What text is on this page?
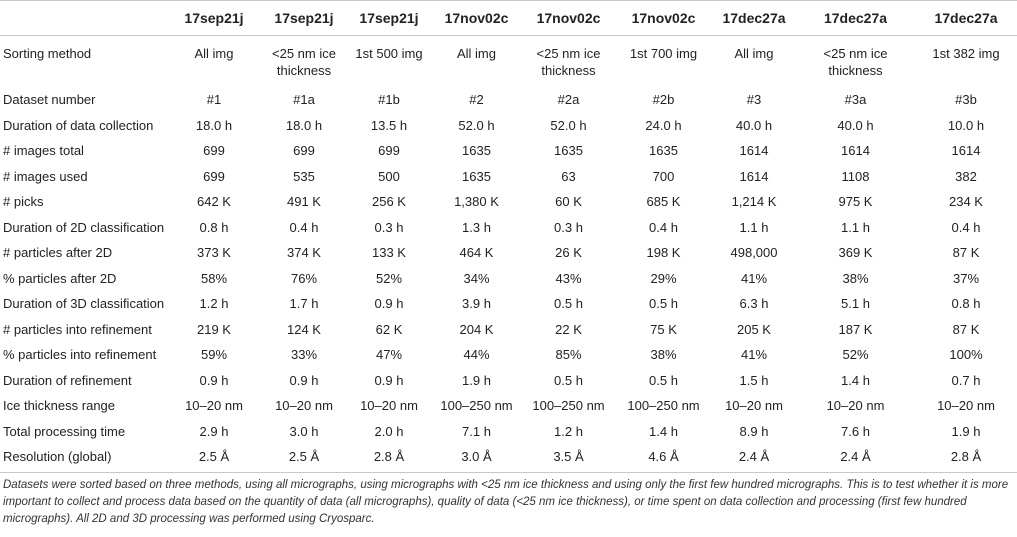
	17sep21j	17sep21j	17sep21j	17nov02c	17nov02c	17nov02c	17dec27a	17dec27a	17dec27a
Sorting method	All img	<25 nm ice thickness	1st 500 img	All img	<25 nm ice thickness	1st 700 img	All img	<25 nm ice thickness	1st 382 img
Dataset number	#1	#1a	#1b	#2	#2a	#2b	#3	#3a	#3b
Duration of data collection	18.0 h	18.0 h	13.5 h	52.0 h	52.0 h	24.0 h	40.0 h	40.0 h	10.0 h
# images total	699	699	699	1635	1635	1635	1614	1614	1614
# images used	699	535	500	1635	63	700	1614	1108	382
# picks	642 K	491 K	256 K	1,380 K	60 K	685 K	1,214 K	975 K	234 K
Duration of 2D classification	0.8 h	0.4 h	0.3 h	1.3 h	0.3 h	0.4 h	1.1 h	1.1 h	0.4 h
# particles after 2D	373 K	374 K	133 K	464 K	26 K	198 K	498,000	369 K	87 K
% particles after 2D	58%	76%	52%	34%	43%	29%	41%	38%	37%
Duration of 3D classification	1.2 h	1.7 h	0.9 h	3.9 h	0.5 h	0.5 h	6.3 h	5.1 h	0.8 h
# particles into refinement	219 K	124 K	62 K	204 K	22 K	75 K	205 K	187 K	87 K
% particles into refinement	59%	33%	47%	44%	85%	38%	41%	52%	100%
Duration of refinement	0.9 h	0.9 h	0.9 h	1.9 h	0.5 h	0.5 h	1.5 h	1.4 h	0.7 h
Ice thickness range	10–20 nm	10–20 nm	10–20 nm	100–250 nm	100–250 nm	100–250 nm	10–20 nm	10–20 nm	10–20 nm
Total processing time	2.9 h	3.0 h	2.0 h	7.1 h	1.2 h	1.4 h	8.9 h	7.6 h	1.9 h
Resolution (global)	2.5 Å	2.5 Å	2.8 Å	3.0 Å	3.5 Å	4.6 Å	2.4 Å	2.4 Å	2.8 Å
Datasets were sorted based on three methods, using all micrographs, using micrographs with <25 nm ice thickness and using only the first few hundred micrographs. This is to test whether it is more important to collect and process data based on the quantity of data (all micrographs), quality of data (<25 nm ice thickness), or time spent on data collection and processing (first few hundred micrographs). All 2D and 3D processing was performed using Cryosparc.
